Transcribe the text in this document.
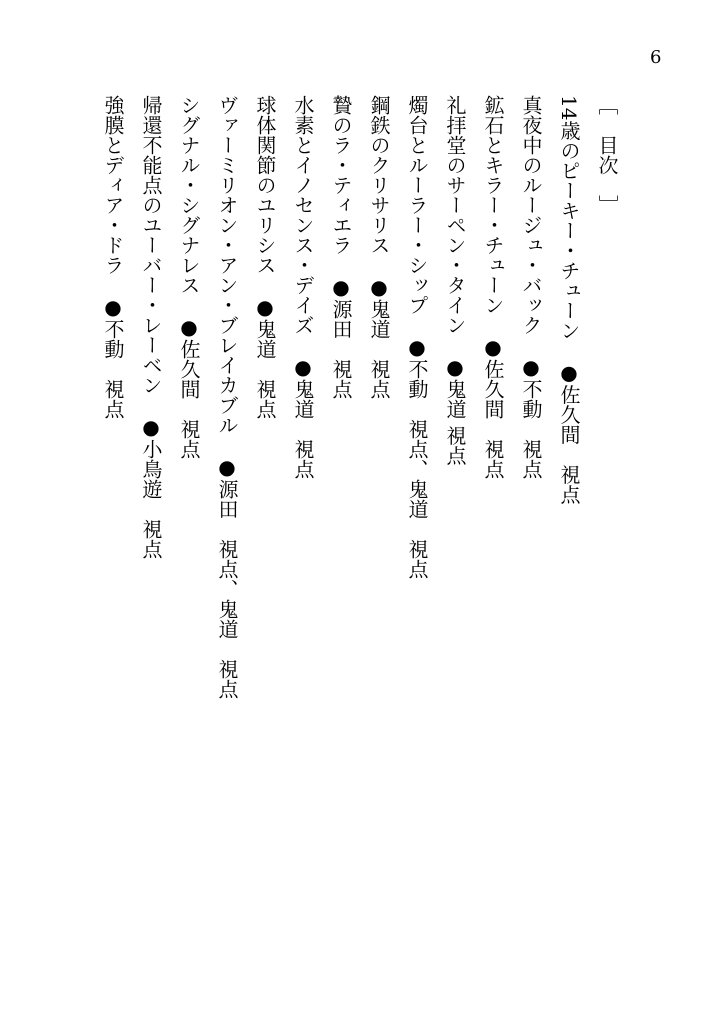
6
［　目次　］
14歳のピーキー・チューン　●佐久間　視点
真夜中のルージュ・バック　●不動　視点
鉱石とキラー・チューン　●佐久間　視点
礼拝堂のサーペン・タイン　●鬼道 視点
燭台とルーラー・シップ　●不動　視点、鬼道　視点
鋼鉄のクリサリス　●鬼道　視点
贄のラ・ティエラ　●源田　視点
水素とイノセンス・デイズ　●鬼道　視点
球体関節のユリシス　●鬼道　視点
ヴァーミリオン・アン・ブレイカブル　●源田　視点、鬼道　視点
シグナル・シグナレス　●佐久間　視点
帰還不能点のユーバー・レーベン　●小鳥遊　視点
強膜とディア・ドラ　●不動　視点
